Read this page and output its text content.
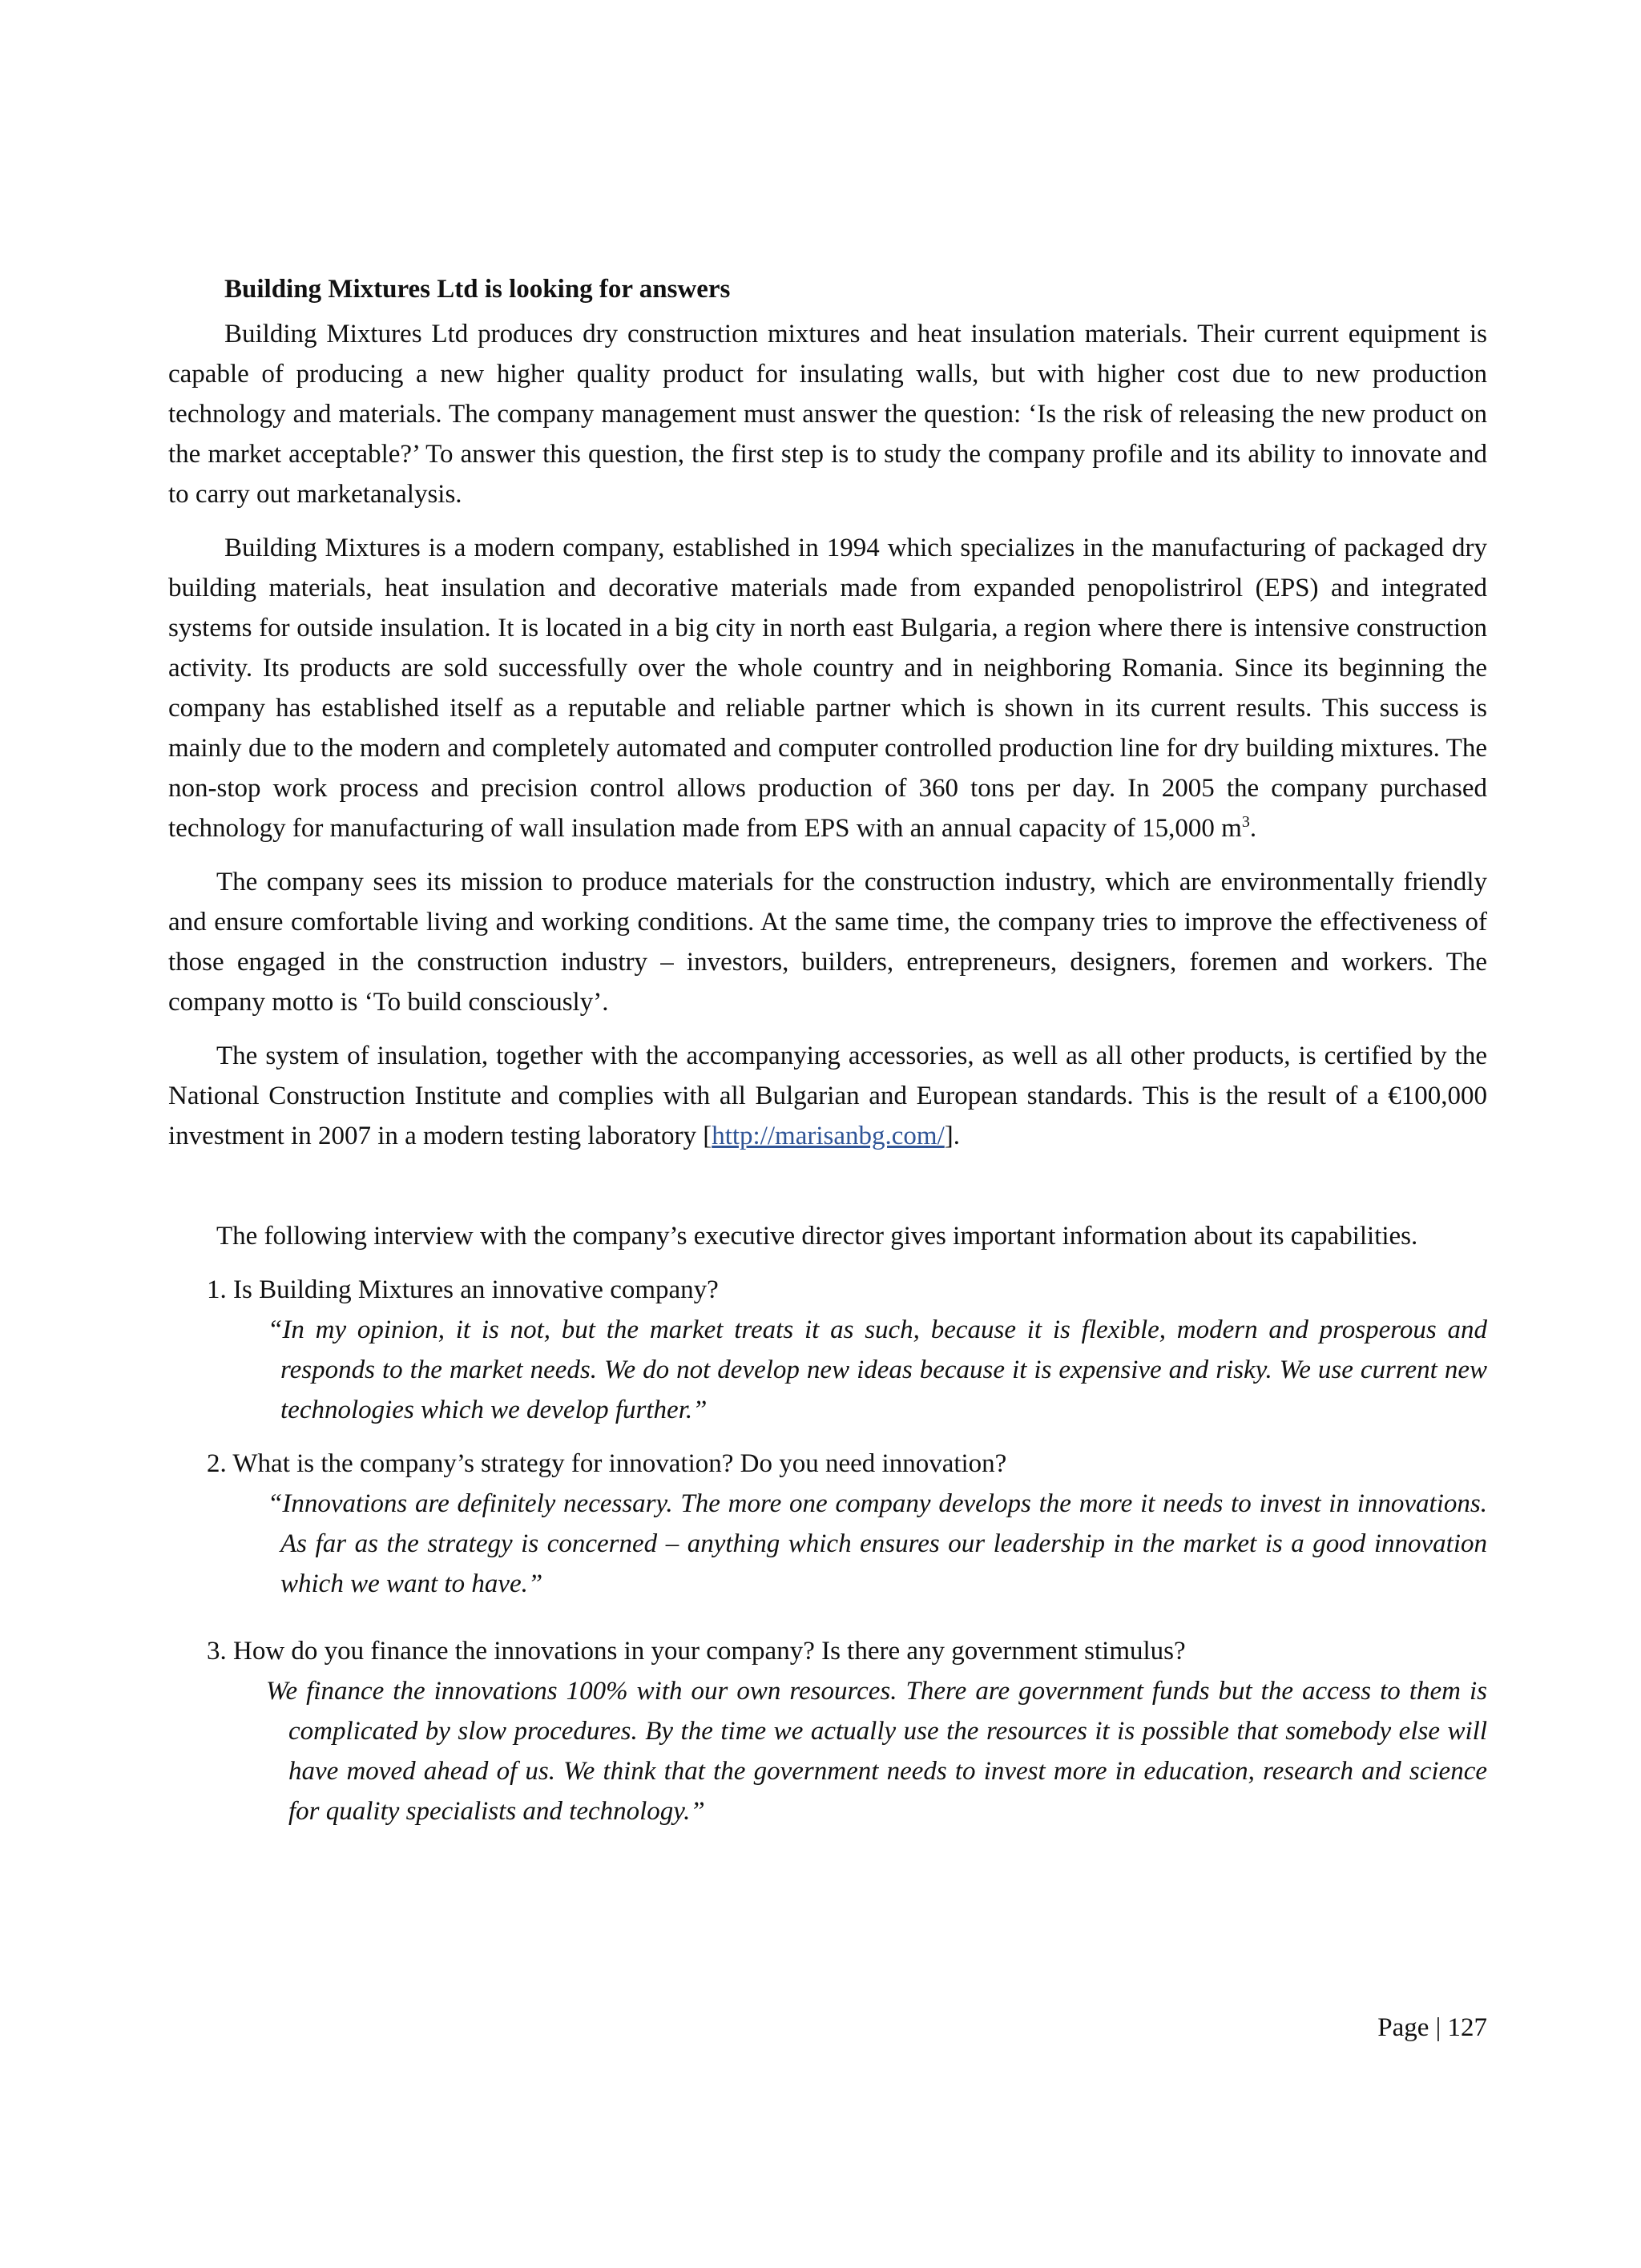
Building Mixtures Ltd is looking for answers

Building Mixtures Ltd produces dry construction mixtures and heat insulation materials. Their current equipment is capable of producing a new higher quality product for insulating walls, but with higher cost due to new production technology and materials. The company management must answer the question: ‘Is the risk of releasing the new product on the market acceptable?’ To answer this question, the first step is to study the company profile and its ability to innovate and to carry out marketanalysis.

Building Mixtures is a modern company, established in 1994 which specializes in the manufacturing of packaged dry building materials, heat insulation and decorative materials made from expanded penopolistrirol (EPS) and integrated systems for outside insulation. It is located in a big city in north east Bulgaria, a region where there is intensive construction activity. Its products are sold successfully over the whole country and in neighboring Romania. Since its beginning the company has established itself as a reputable and reliable partner which is shown in its current results. This success is mainly due to the modern and completely automated and computer controlled production line for dry building mixtures. The non-stop work process and precision control allows production of 360 tons per day. In 2005 the company purchased technology for manufacturing of wall insulation made from EPS with an annual capacity of 15,000 $m^3$.

The company sees its mission to produce materials for the construction industry, which are environmentally friendly and ensure comfortable living and working conditions. At the same time, the company tries to improve the effectiveness of those engaged in the construction industry – investors, builders, entrepreneurs, designers, foremen and workers. The company motto is ‘To build consciously’.

The system of insulation, together with the accompanying accessories, as well as all other products, is certified by the National Construction Institute and complies with all Bulgarian and European standards. This is the result of a €100,000 investment in 2007 in a modern testing laboratory [http://marisanbg.com/].

The following interview with the company’s executive director gives important information about its capabilities.

1. Is Building Mixtures an innovative company?

“In my opinion, it is not, but the market treats it as such, because it is flexible, modern and prosperous and responds to the market needs. We do not develop new ideas because it is expensive and risky. We use current new technologies which we develop further.”

2. What is the company’s strategy for innovation? Do you need innovation?

“Innovations are definitely necessary. The more one company develops the more it needs to invest in innovations. As far as the strategy is concerned – anything which ensures our leadership in the market is a good innovation which we want to have.”

3. How do you finance the innovations in your company? Is there any government stimulus?

We finance the innovations 100% with our own resources. There are government funds but the access to them is complicated by slow procedures. By the time we actually use the resources it is possible that somebody else will have moved ahead of us. We think that the government needs to invest more in education, research and science for quality specialists and technology.”

Page | 127
